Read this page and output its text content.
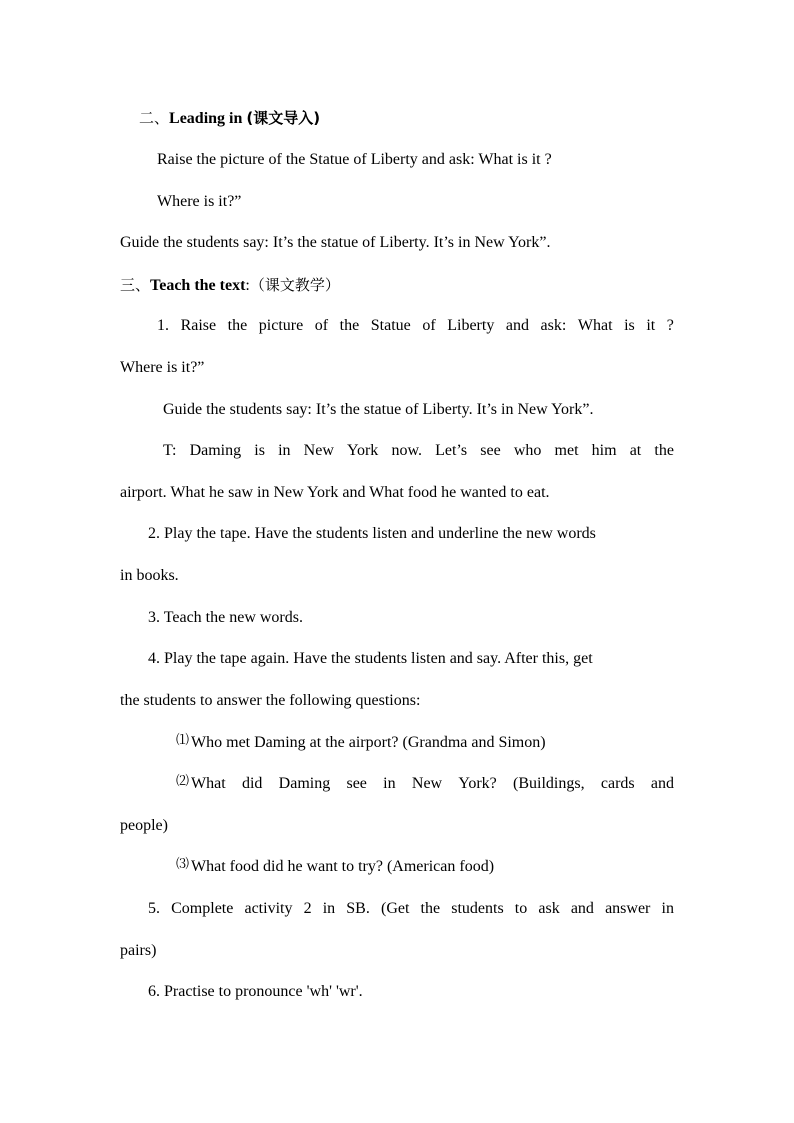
二、Leading in (课文导入)
Raise the picture of the Statue of Liberty and ask: What is it ?
Where is it?”
Guide the students say: It’s the statue of Liberty. It’s in New York”.
三、Teach the text:（课文教学）
1. Raise the picture of the Statue of Liberty and ask: What is it ?
Where is it?”
Guide the students say: It’s the statue of Liberty. It’s in New York”.
T: Daming is in New York now. Let’s see who met him at the
airport. What he saw in New York and What food he wanted to eat.
2. Play the tape. Have the students listen and underline the new words
in books.
3. Teach the new words.
4. Play the tape again. Have the students listen and say. After this, get
the students to answer the following questions:
⑴ Who met Daming at the airport? (Grandma and Simon)
⑵ What did Daming see in New York? (Buildings, cards and
people)
⑶ What food did he want to try? (American food)
5. Complete activity 2 in SB. (Get the students to ask and answer in
pairs)
6. Practise to pronounce 'wh' 'wr'.
